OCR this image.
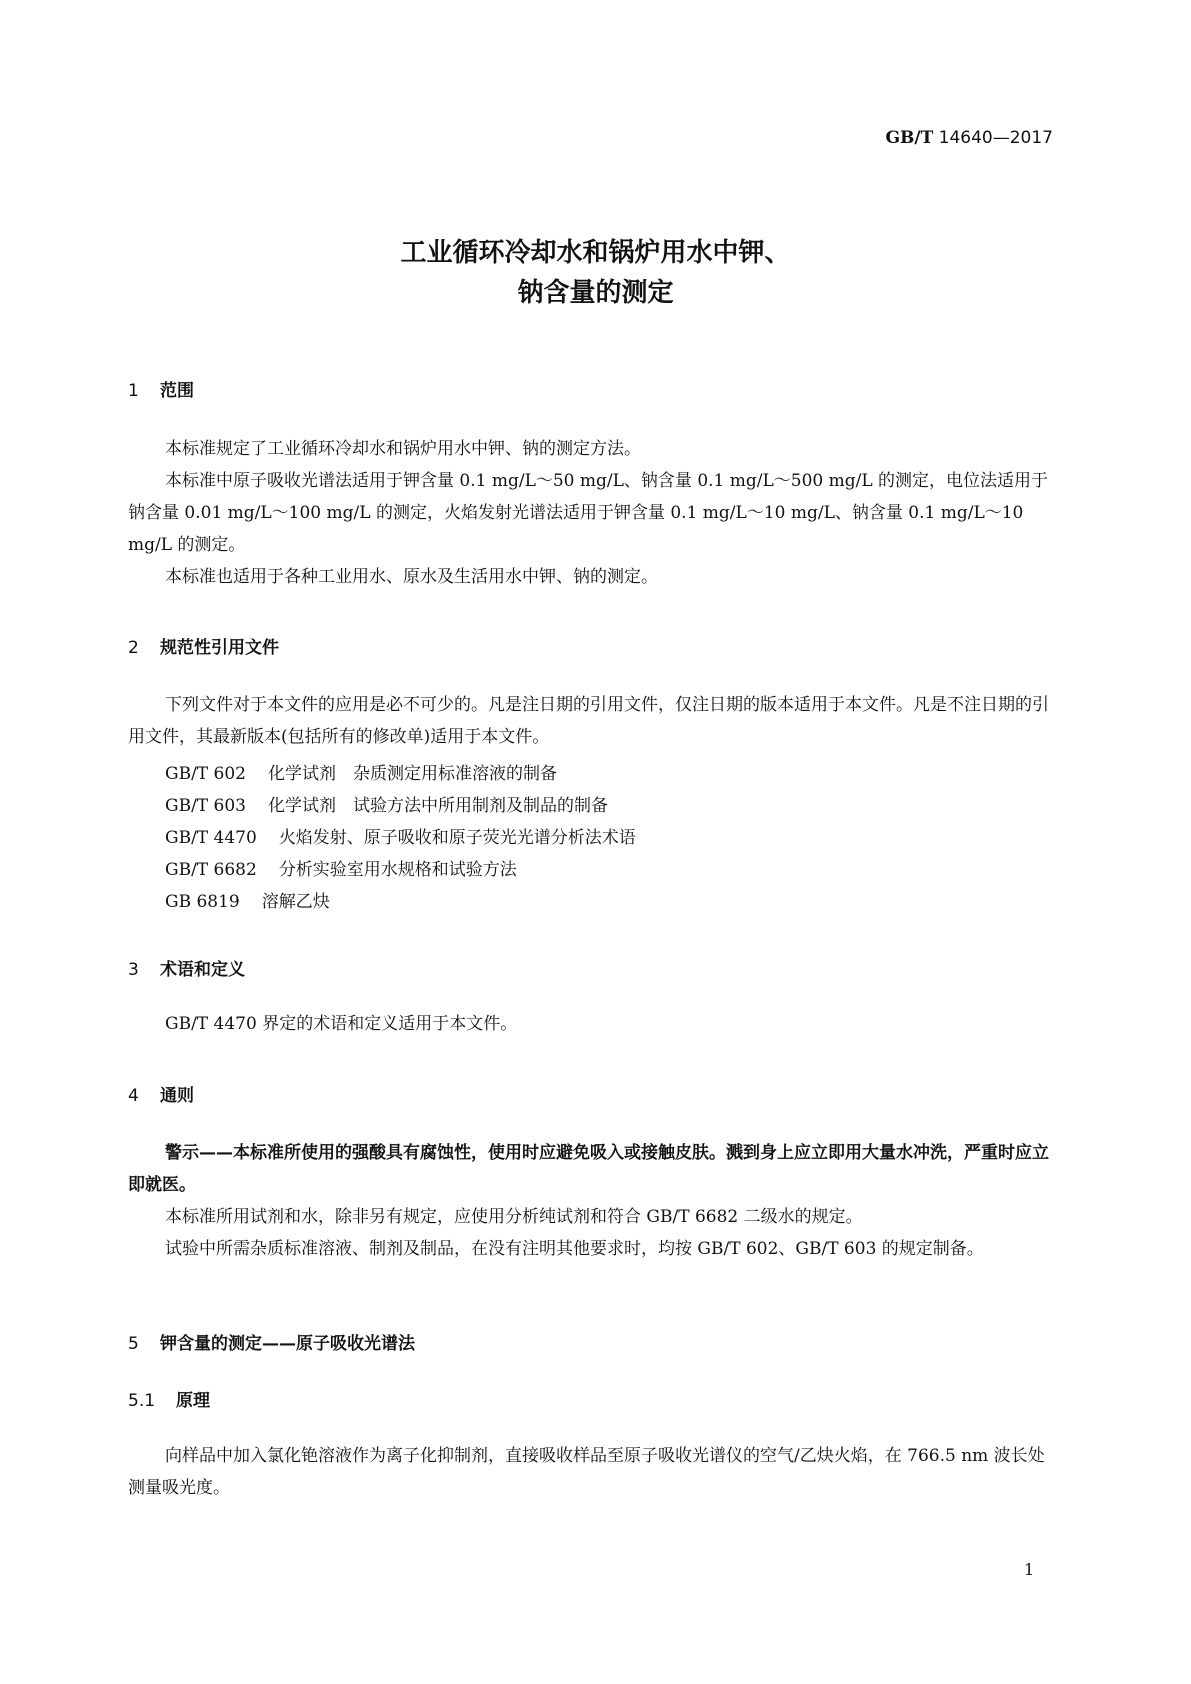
GB/T 14640—2017
工业循环冷却水和锅炉用水中钾、
钠含量的测定
1 范围
本标准规定了工业循环冷却水和锅炉用水中钾、钠的测定方法。
本标准中原子吸收光谱法适用于钾含量 0.1 mg/L～50 mg/L、钠含量 0.1 mg/L～500 mg/L 的测定，电位法适用于钠含量 0.01 mg/L～100 mg/L 的测定，火焰发射光谱法适用于钾含量 0.1 mg/L～10 mg/L、钠含量 0.1 mg/L～10 mg/L 的测定。
本标准也适用于各种工业用水、原水及生活用水中钾、钠的测定。
2 规范性引用文件
下列文件对于本文件的应用是必不可少的。凡是注日期的引用文件，仅注日期的版本适用于本文件。凡是不注日期的引用文件，其最新版本(包括所有的修改单)适用于本文件。
GB/T 602 化学试剂　杂质测定用标准溶液的制备
GB/T 603 化学试剂　试验方法中所用制剂及制品的制备
GB/T 4470 火焰发射、原子吸收和原子荧光光谱分析法术语
GB/T 6682 分析实验室用水规格和试验方法
GB 6819 溶解乙炔
3 术语和定义
GB/T 4470 界定的术语和定义适用于本文件。
4 通则
警示——本标准所使用的强酸具有腐蚀性，使用时应避免吸入或接触皮肤。溅到身上应立即用大量水冲洗，严重时应立即就医。
本标准所用试剂和水，除非另有规定，应使用分析纯试剂和符合 GB/T 6682 二级水的规定。
试验中所需杂质标准溶液、制剂及制品，在没有注明其他要求时，均按 GB/T 602、GB/T 603 的规定制备。
5 钾含量的测定——原子吸收光谱法
5.1 原理
向样品中加入氯化铯溶液作为离子化抑制剂，直接吸收样品至原子吸收光谱仪的空气/乙炔火焰，在 766.5 nm 波长处测量吸光度。
1
